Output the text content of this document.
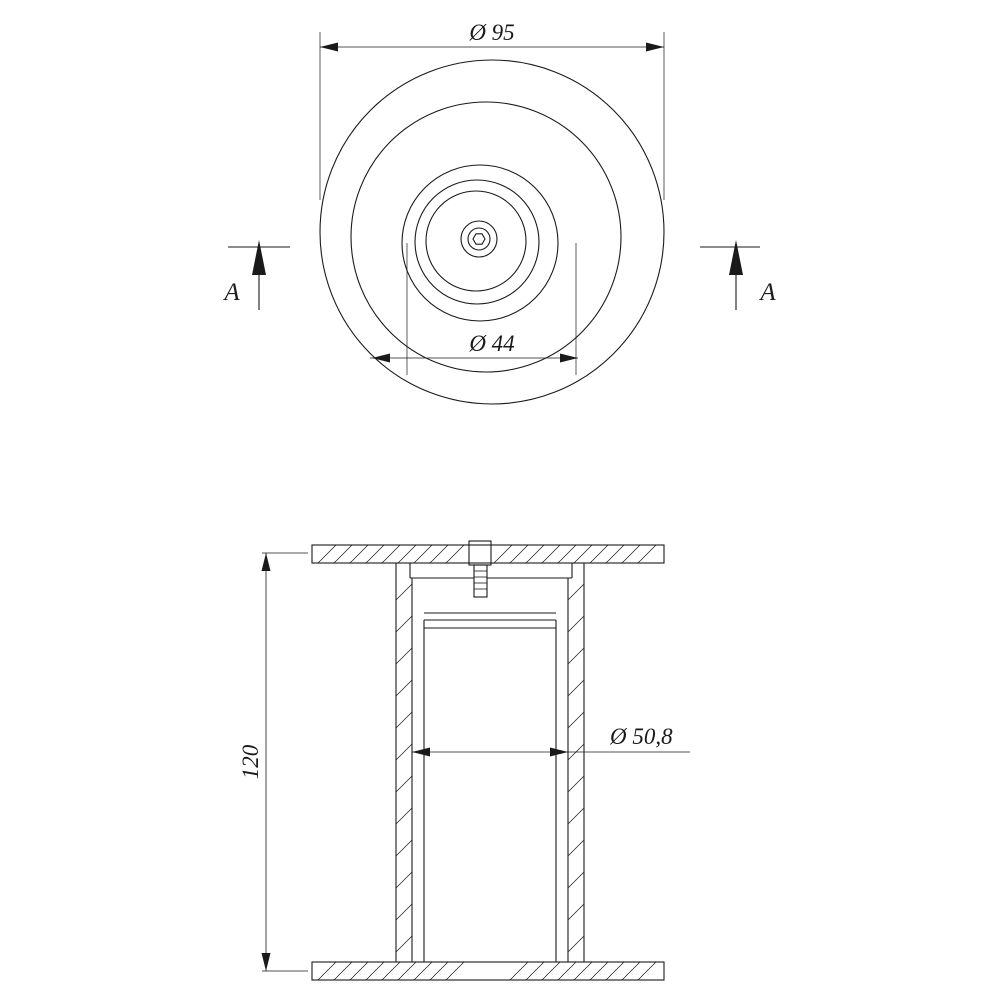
Ø 95
Ø 44
A	A
120
Ø 50,8
